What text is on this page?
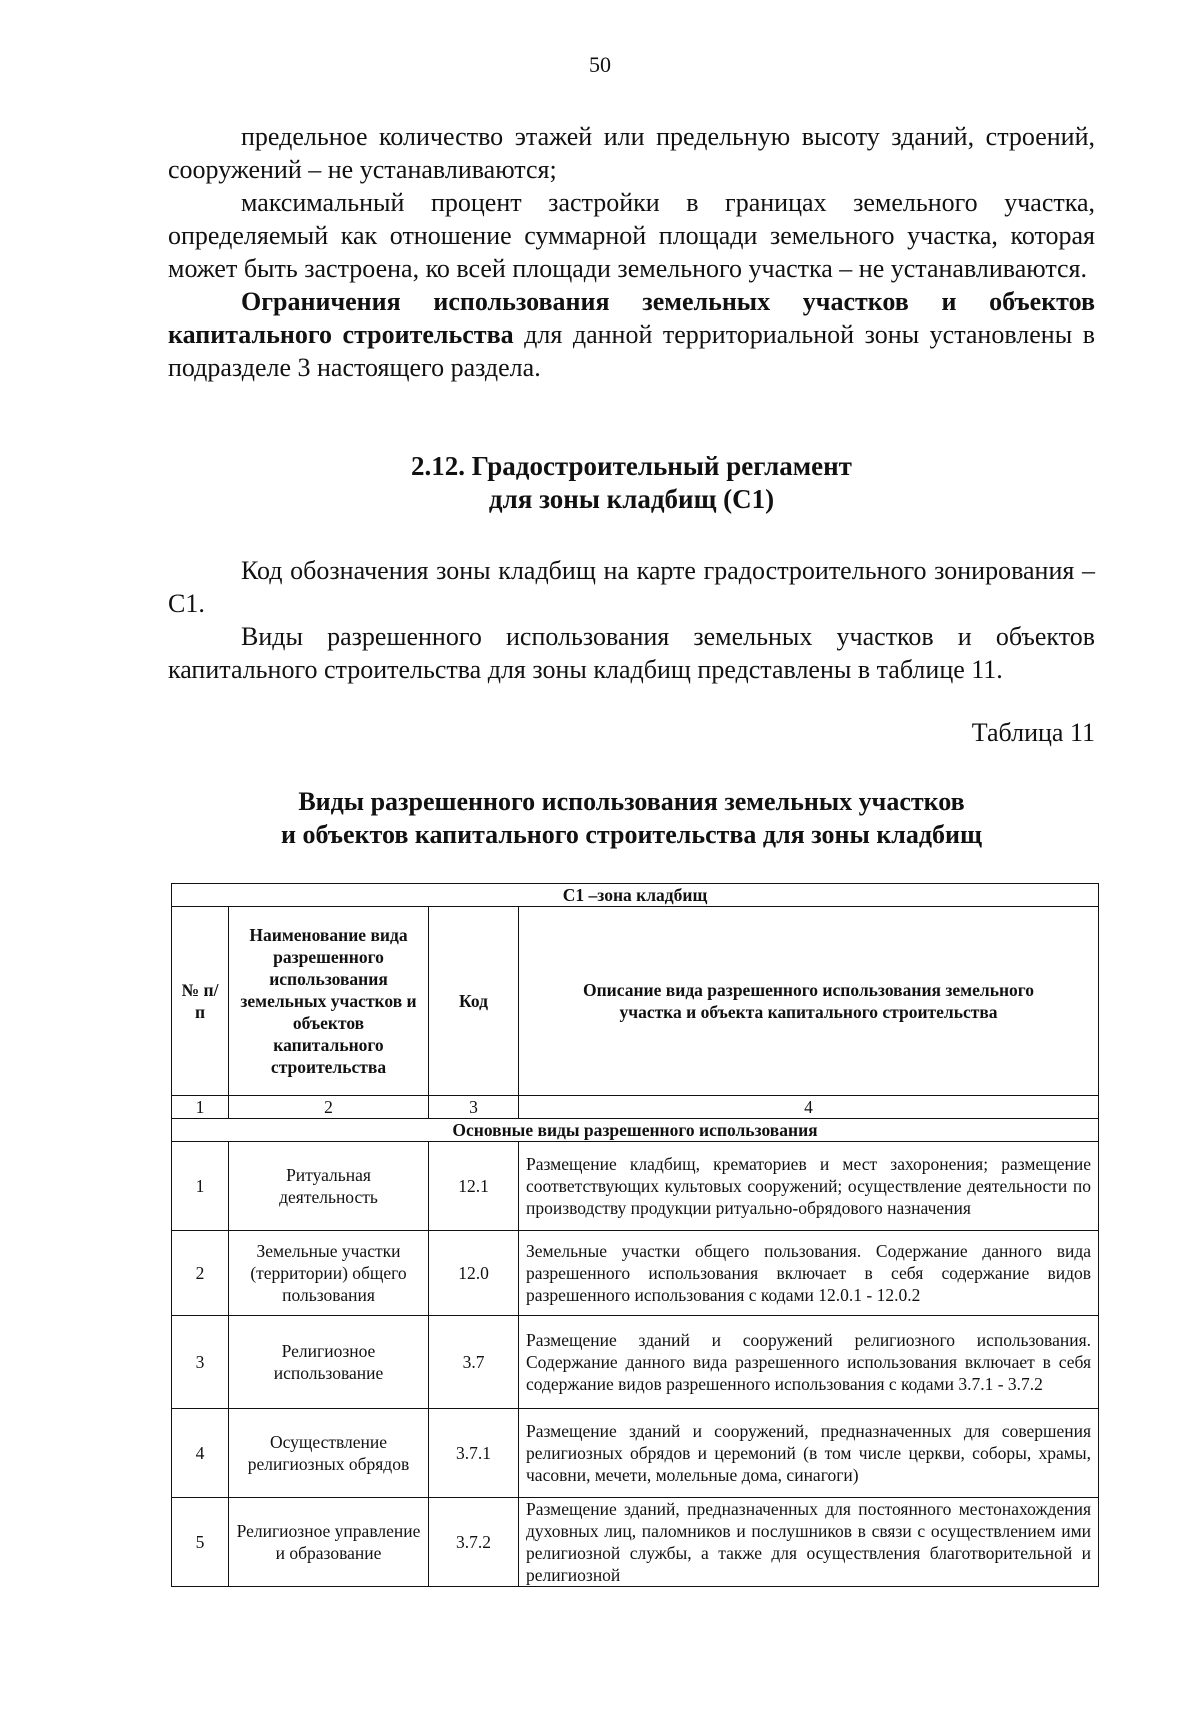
50

предельное количество этажей или предельную высоту зданий, строений, сооружений – не устанавливаются;

максимальный процент застройки в границах земельного участка, определяемый как отношение суммарной площади земельного участка, которая может быть застроена, ко всей площади земельного участка – не устанавливаются.

Ограничения использования земельных участков и объектов капитального строительства для данной территориальной зоны установлены в подразделе 3 настоящего раздела.

2.12. Градостроительный регламент
для зоны кладбищ (С1)

Код обозначения зоны кладбищ на карте градостроительного зонирования – С1.

Виды разрешенного использования земельных участков и объектов капитального строительства для зоны кладбищ представлены в таблице 11.

Таблица 11
Виды разрешенного использования земельных участков
и объектов капитального строительства для зоны кладбищ
С1 –зона кладбищ			
№ п/п	Наименование вида разрешенного использования земельных участков и объектов капитального строительства	Код	Описание вида разрешенного использования земельного участка и объекта капитального строительства
1	2	3	4
Основные виды разрешенного использования			
1	Ритуальная деятельность	12.1	Размещение кладбищ, крематориев и мест захоронения; размещение соответствующих культовых сооружений; осуществление деятельности по производству продукции ритуально-обрядового назначения
2	Земельные участки (территории) общего пользования	12.0	Земельные участки общего пользования. Содержание данного вида разрешенного использования включает в себя содержание видов разрешенного использования с кодами 12.0.1 - 12.0.2
3	Религиозное использование	3.7	Размещение зданий и сооружений религиозного использования. Содержание данного вида разрешенного использования включает в себя содержание видов разрешенного использования с кодами 3.7.1 - 3.7.2
4	Осуществление религиозных обрядов	3.7.1	Размещение зданий и сооружений, предназначенных для совершения религиозных обрядов и церемоний (в том числе церкви, соборы, храмы, часовни, мечети, молельные дома, синагоги)
5	Религиозное управление и образование	3.7.2	Размещение зданий, предназначенных для постоянного местонахождения духовных лиц, паломников и послушников в связи с осуществлением ими религиозной службы, а также для осуществления благотворительной и религиозной
